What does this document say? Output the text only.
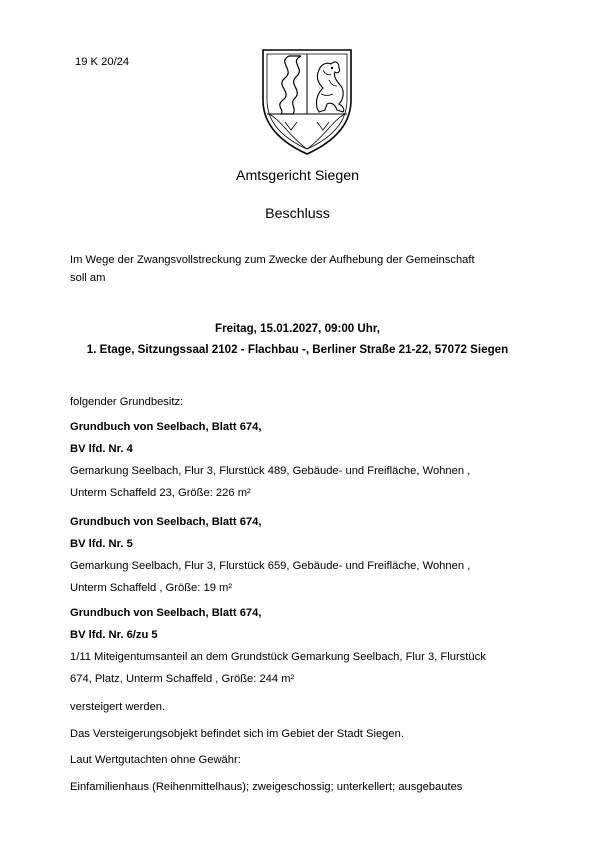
19 K 20/24
Amtsgericht Siegen
Beschluss
Im Wege der Zwangsvollstreckung zum Zwecke der Aufhebung der Gemeinschaft
soll am
Freitag, 15.01.2027, 09:00 Uhr,
1. Etage, Sitzungssaal 2102 - Flachbau -, Berliner Straße 21-22, 57072 Siegen
folgender Grundbesitz:
Grundbuch von Seelbach, Blatt 674,
BV lfd. Nr. 4
Gemarkung Seelbach, Flur 3, Flurstück 489, Gebäude- und Freifläche, Wohnen ,
Unterm Schaffeld 23, Größe: 226 m²
Grundbuch von Seelbach, Blatt 674,
BV lfd. Nr. 5
Gemarkung Seelbach, Flur 3, Flurstück 659, Gebäude- und Freifläche, Wohnen ,
Unterm Schaffeld , Größe: 19 m²
Grundbuch von Seelbach, Blatt 674,
BV lfd. Nr. 6/zu 5
1/11 Miteigentumsanteil an dem Grundstück Gemarkung Seelbach, Flur 3, Flurstück
674, Platz, Unterm Schaffeld , Größe: 244 m²
versteigert werden.
Das Versteigerungsobjekt befindet sich im Gebiet der Stadt Siegen.
Laut Wertgutachten ohne Gewähr:
Einfamilienhaus (Reihenmittelhaus); zweigeschossig; unterkellert; ausgebautes
